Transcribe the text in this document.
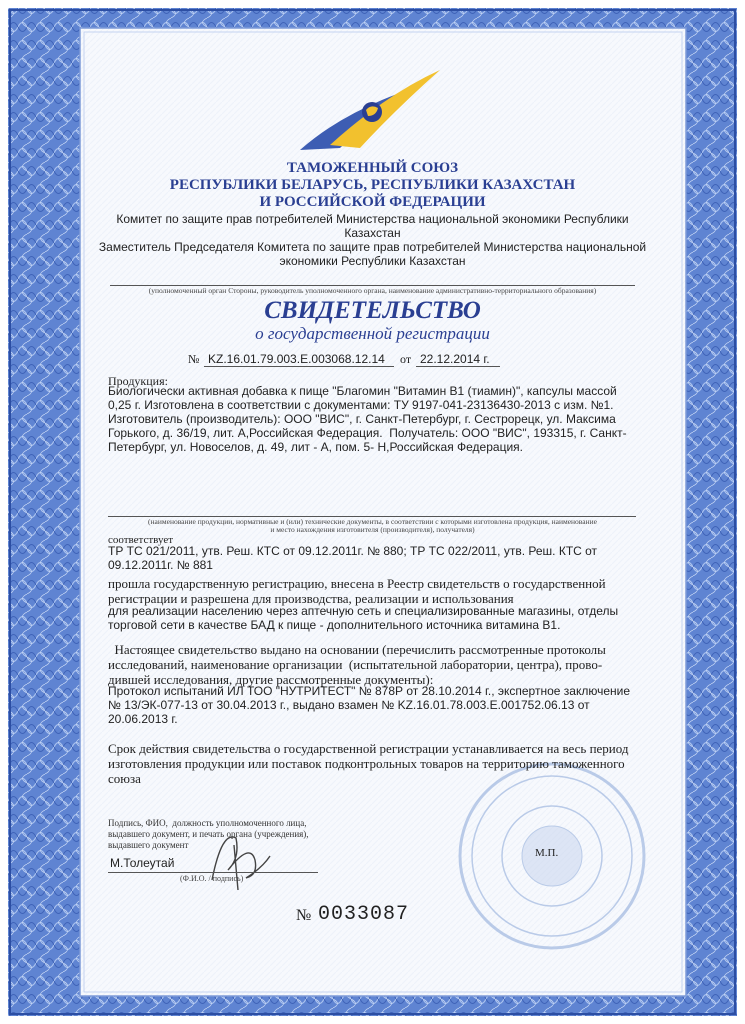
ТАМОЖЕННЫЙ СОЮЗ
РЕСПУБЛИКИ БЕЛАРУСЬ, РЕСПУБЛИКИ КАЗАХСТАН
И РОССИЙСКОЙ ФЕДЕРАЦИИ
Комитет по защите прав потребителей Министерства национальной экономики Республики
Казахстан
Заместитель Председателя Комитета по защите прав потребителей Министерства национальной
экономики Республики Казахстан
(уполномоченный орган Стороны, руководитель уполномоченного органа, наименование административно-территориального образования)
СВИДЕТЕЛЬСТВО
о государственной регистрации
№ KZ.16.01.79.003.Е.003068.12.14 от 22.12.2014 г.
Продукция:
Биологически активная добавка к пище "Благомин "Витамин В1 (тиамин)", капсулы массой
0,25 г. Изготовлена в соответствии с документами: ТУ 9197-041-23136430-2013 с изм. №1.
Изготовитель (производитель): ООО "ВИС", г. Санкт-Петербург, г. Сестрорецк, ул. Максима
Горького, д. 36/19, лит. А,Российская Федерация.  Получатель: ООО "ВИС", 193315, г. Санкт-
Петербург, ул. Новоселов, д. 49, лит - А, пом. 5- Н,Российская Федерация.
(наименование продукции, нормативные и (или) технические документы, в соответствии с которыми изготовлена продукция, наименование
и место нахождения изготовителя (производителя), получателя)
соответствует
ТР ТС 021/2011, утв. Реш. КТС от 09.12.2011г. № 880; ТР ТС 022/2011, утв. Реш. КТС от
09.12.2011г. № 881
прошла государственную регистрацию, внесена в Реестр свидетельств о государственной
регистрации и разрешена для производства, реализации и использования
для реализации населению через аптечную сеть и специализированные магазины, отделы
торговой сети в качестве БАД к пище - дополнительного источника витамина В1.
Настоящее свидетельство выдано на основании (перечислить рассмотренные протоколы
исследований, наименование организации  (испытательной лаборатории, центра), прово-
дившей исследования, другие рассмотренные документы):
Протокол испытаний ИЛ ТОО "НУТРИТЕСТ" № 878Р от 28.10.2014 г., экспертное заключение
№ 13/ЭК-077-13 от 30.04.2013 г., выдано взамен № KZ.16.01.78.003.Е.001752.06.13 от
20.06.2013 г.
Срок действия свидетельства о государственной регистрации устанавливается на весь период
изготовления продукции или поставок подконтрольных товаров на территорию таможенного
союза
Подпись, ФИО,  должность уполномоченного лица,
выдавшего документ, и печать органа (учреждения),
выдавшего документ
М.Толеутай
(Ф.И.О. / подпись)
М.П.
№ 0033087
